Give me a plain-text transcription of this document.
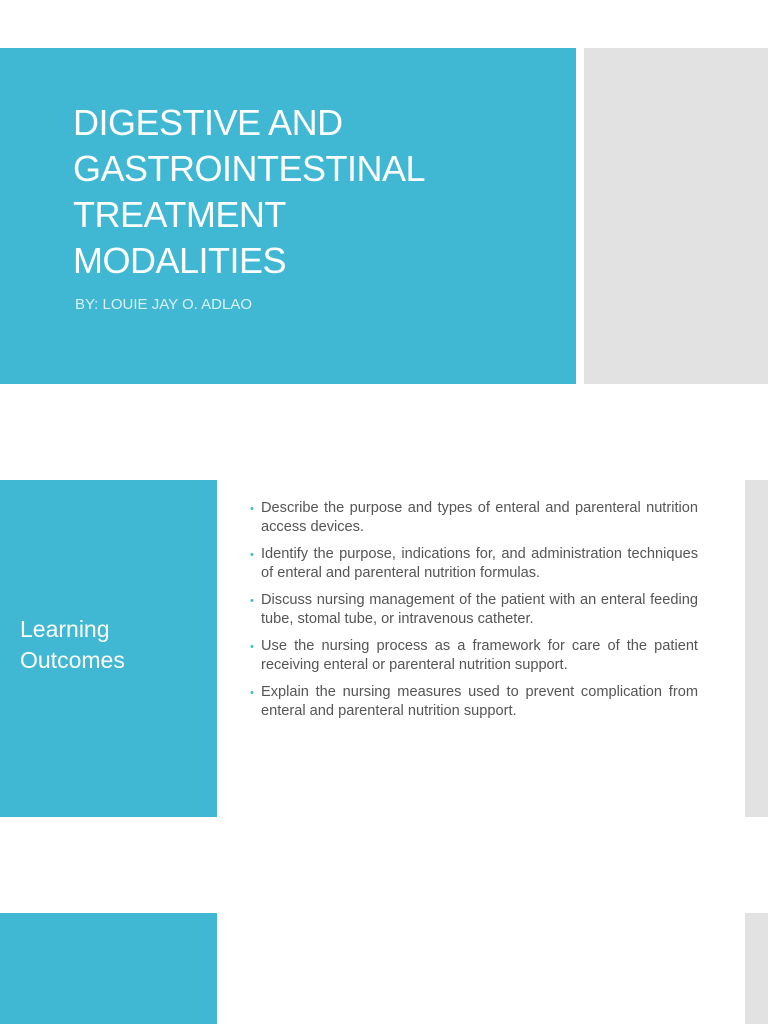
DIGESTIVE AND
GASTROINTESTINAL
TREATMENT
MODALITIES

BY: LOUIE JAY O. ADLAO

Learning
Outcomes
• Describe the purpose and types of enteral and parenteral nutrition access devices.
• Identify the purpose, indications for, and administration techniques of enteral and parenteral nutrition formulas.
• Discuss nursing management of the patient with an enteral feeding tube, stomal tube, or intravenous catheter.
• Use the nursing process as a framework for care of the patient receiving enteral or parenteral nutrition support.
• Explain the nursing measures used to prevent complication from enteral and parenteral nutrition support.
